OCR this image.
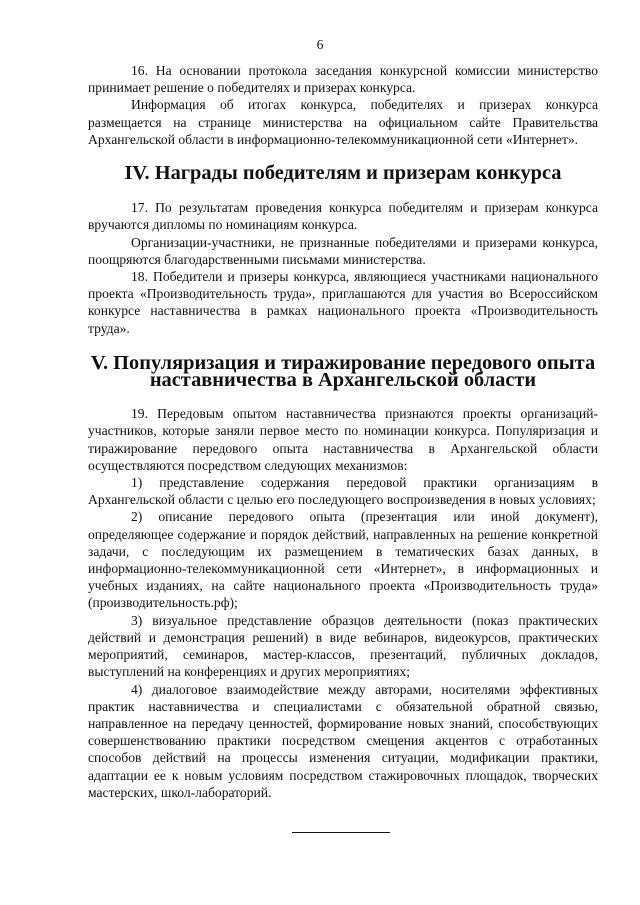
6

16. На основании протокола заседания конкурсной комиссии министерство принимает решение о победителях и призерах конкурса.

Информация об итогах конкурса, победителях и призерах конкурса размещается на странице министерства на официальном сайте Правительства Архангельской области в информационно-телекоммуникационной сети «Интернет».

IV. Награды победителям и призерам конкурса

17. По результатам проведения конкурса победителям и призерам конкурса вручаются дипломы по номинациям конкурса.

Организации-участники, не признанные победителями и призерами конкурса, поощряются благодарственными письмами министерства.

18. Победители и призеры конкурса, являющиеся участниками национального проекта «Производительность труда», приглашаются для участия во Всероссийском конкурсе наставничества в рамках национального проекта «Производительность труда».

V. Популяризация и тиражирование передового опыта
наставничества в Архангельской области

19. Передовым опытом наставничества признаются проекты организаций-участников, которые заняли первое место по номинации конкурса. Популяризация и тиражирование передового опыта наставничества в Архангельской области осуществляются посредством следующих механизмов:

1) представление содержания передовой практики организациям в Архангельской области с целью его последующего воспроизведения в новых условиях;

2) описание передового опыта (презентация или иной документ), определяющее содержание и порядок действий, направленных на решение конкретной задачи, с последующим их размещением в тематических базах данных, в информационно-телекоммуникационной сети «Интернет», в информационных и учебных изданиях, на сайте национального проекта «Производительность труда» (производительность.рф);

3) визуальное представление образцов деятельности (показ практических действий и демонстрация решений) в виде вебинаров, видеокурсов, практических мероприятий, семинаров, мастер-классов, презентаций, публичных докладов, выступлений на конференциях и других мероприятиях;

4) диалоговое взаимодействие между авторами, носителями эффективных практик наставничества и специалистами с обязательной обратной связью, направленное на передачу ценностей, формирование новых знаний, способствующих совершенствованию практики посредством смещения акцентов с отработанных способов действий на процессы изменения ситуации, модификации практики, адаптации ее к новым условиям посредством стажировочных площадок, творческих мастерских, школ-лабораторий.
